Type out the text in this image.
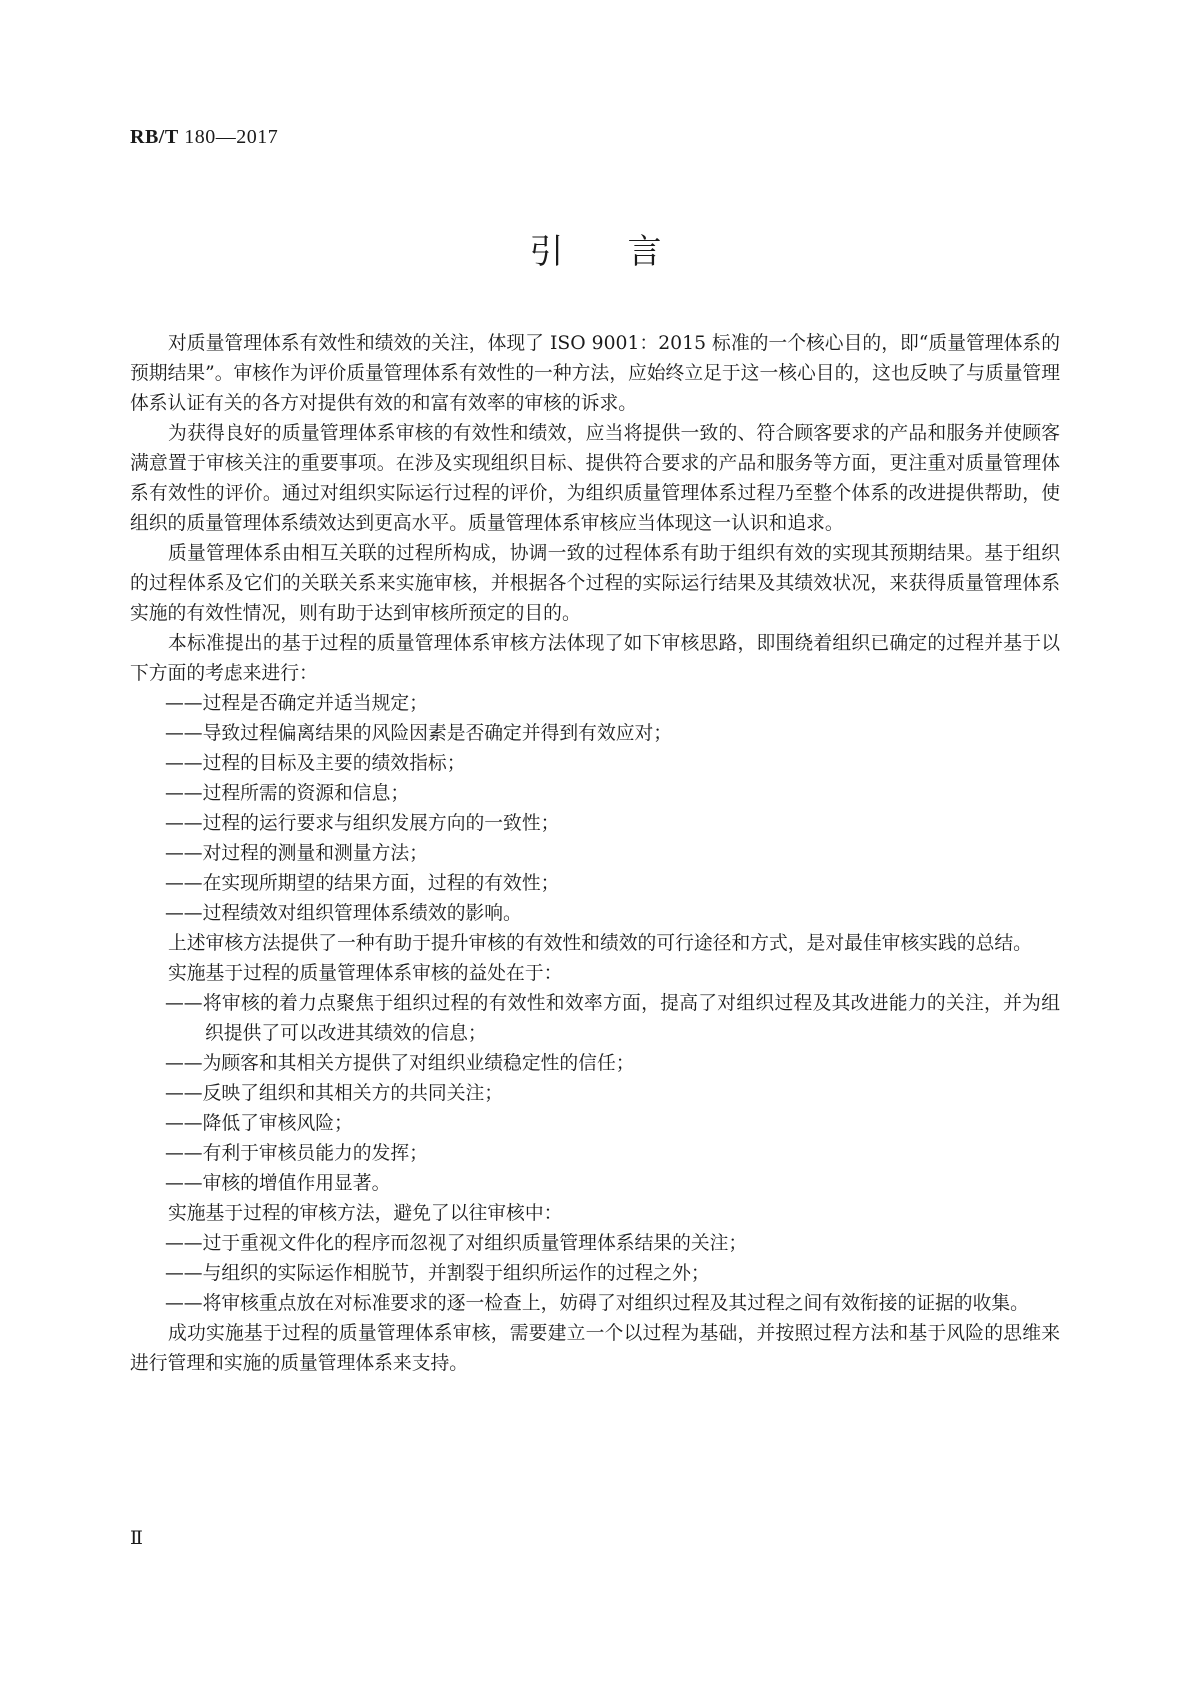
RB/T 180—2017
引言

对质量管理体系有效性和绩效的关注，体现了 ISO 9001：2015 标准的一个核心目的，即“质量管理体系的预期结果”。审核作为评价质量管理体系有效性的一种方法，应始终立足于这一核心目的，这也反映了与质量管理体系认证有关的各方对提供有效的和富有效率的审核的诉求。

为获得良好的质量管理体系审核的有效性和绩效，应当将提供一致的、符合顾客要求的产品和服务并使顾客满意置于审核关注的重要事项。在涉及实现组织目标、提供符合要求的产品和服务等方面，更注重对质量管理体系有效性的评价。通过对组织实际运行过程的评价，为组织质量管理体系过程乃至整个体系的改进提供帮助，使组织的质量管理体系绩效达到更高水平。质量管理体系审核应当体现这一认识和追求。

质量管理体系由相互关联的过程所构成，协调一致的过程体系有助于组织有效的实现其预期结果。基于组织的过程体系及它们的关联关系来实施审核，并根据各个过程的实际运行结果及其绩效状况，来获得质量管理体系实施的有效性情况，则有助于达到审核所预定的目的。

本标准提出的基于过程的质量管理体系审核方法体现了如下审核思路，即围绕着组织已确定的过程并基于以下方面的考虑来进行：

——过程是否确定并适当规定；

——导致过程偏离结果的风险因素是否确定并得到有效应对；

——过程的目标及主要的绩效指标；

——过程所需的资源和信息；

——过程的运行要求与组织发展方向的一致性；

——对过程的测量和测量方法；

——在实现所期望的结果方面，过程的有效性；

——过程绩效对组织管理体系绩效的影响。

上述审核方法提供了一种有助于提升审核的有效性和绩效的可行途径和方式，是对最佳审核实践的总结。

实施基于过程的质量管理体系审核的益处在于：

——将审核的着力点聚焦于组织过程的有效性和效率方面，提高了对组织过程及其改进能力的关注，并为组织提供了可以改进其绩效的信息；

——为顾客和其相关方提供了对组织业绩稳定性的信任；

——反映了组织和其相关方的共同关注；

——降低了审核风险；

——有利于审核员能力的发挥；

——审核的增值作用显著。

实施基于过程的审核方法，避免了以往审核中：

——过于重视文件化的程序而忽视了对组织质量管理体系结果的关注；

——与组织的实际运作相脱节，并割裂于组织所运作的过程之外；

——将审核重点放在对标准要求的逐一检查上，妨碍了对组织过程及其过程之间有效衔接的证据的收集。

成功实施基于过程的质量管理体系审核，需要建立一个以过程为基础，并按照过程方法和基于风险的思维来进行管理和实施的质量管理体系来支持。

Ⅱ
